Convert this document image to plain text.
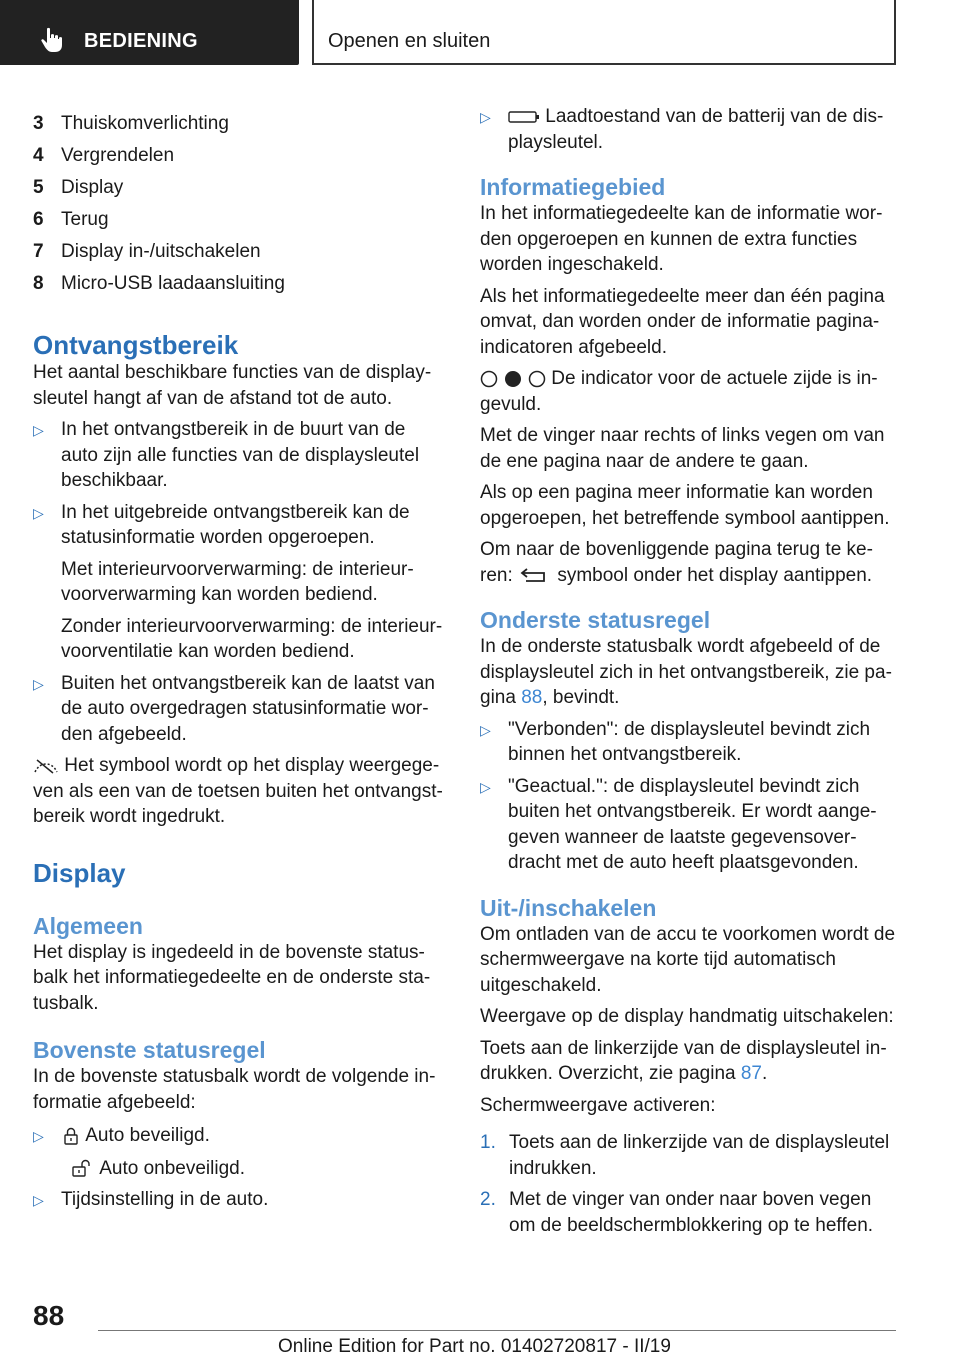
BEDIENING	Openen en sluiten
3 Thuiskomverlichting
4 Vergrendelen
5 Display
6 Terug
7 Display in-/uitschakelen
8 Micro-USB laadaansluiting
Ontvangstbereik

Het aantal beschikbare functies van de displaysleutel hangt af van de afstand tot de auto.

▷ In het ontvangstbereik in de buurt van de auto zijn alle functies van de displaysleutel beschikbaar.
▷ In het uitgebreide ontvangstbereik kan de statusinformatie worden opgeroepen.

Met interieurvoorverwarming: de interieurvoorverwarming kan worden bediend.

Zonder interieurvoorverwarming: de interieurvoorventilatie kan worden bediend.

▷ Buiten het ontvangstbereik kan de laatst van de auto overgedragen statusinformatie worden afgebeeld.

Het symbool wordt op het display weergegeven als een van de toetsen buiten het ontvangstbereik wordt ingedrukt.

Display
Algemeen

Het display is ingedeeld in de bovenste statusbalk het informatiegedeelte en de onderste statusbalk.

Bovenste statusregel

In de bovenste statusbalk wordt de volgende informatie afgebeeld:

▷	Auto beveiligd.

Auto onbeveiligd.

▷ Tijdsinstelling in de auto.
▷	Laadtoestand van de batterij van de displaysleutel.
Informatiegebied

In het informatiegedeelte kan de informatie worden opgeroepen en kunnen de extra functies worden ingeschakeld.

Als het informatiegedeelte meer dan één pagina omvat, dan worden onder de informatie paginaindicatoren afgebeeld.

De indicator voor de actuele zijde is ingevuld.

Met de vinger naar rechts of links vegen om van de ene pagina naar de andere te gaan.

Als op een pagina meer informatie kan worden opgeroepen, het betreffende symbool aantippen.

Om naar de bovenliggende pagina terug te keren: symbool onder het display aantippen.

Onderste statusregel

In de onderste statusbalk wordt afgebeeld of de displaysleutel zich in het ontvangstbereik, zie pagina 88, bevindt.

▷ "Verbonden": de displaysleutel bevindt zich binnen het ontvangstbereik.
▷ "Geactual.": de displaysleutel bevindt zich buiten het ontvangstbereik. Er wordt aangegeven wanneer de laatste gegevensoverdracht met de auto heeft plaatsgevonden.
Uit-/inschakelen

Om ontladen van de accu te voorkomen wordt de schermweergave na korte tijd automatisch uitgeschakeld.

Weergave op de display handmatig uitschakelen:

Toets aan de linkerzijde van de displaysleutel indrukken. Overzicht, zie pagina 87.

Schermweergave activeren:

1. Toets aan de linkerzijde van de displaysleutel indrukken.
2. Met de vinger van onder naar boven vegen om de beeldschermblokkering op te heffen.
88
Online Edition for Part no. 01402720817 - II/19
